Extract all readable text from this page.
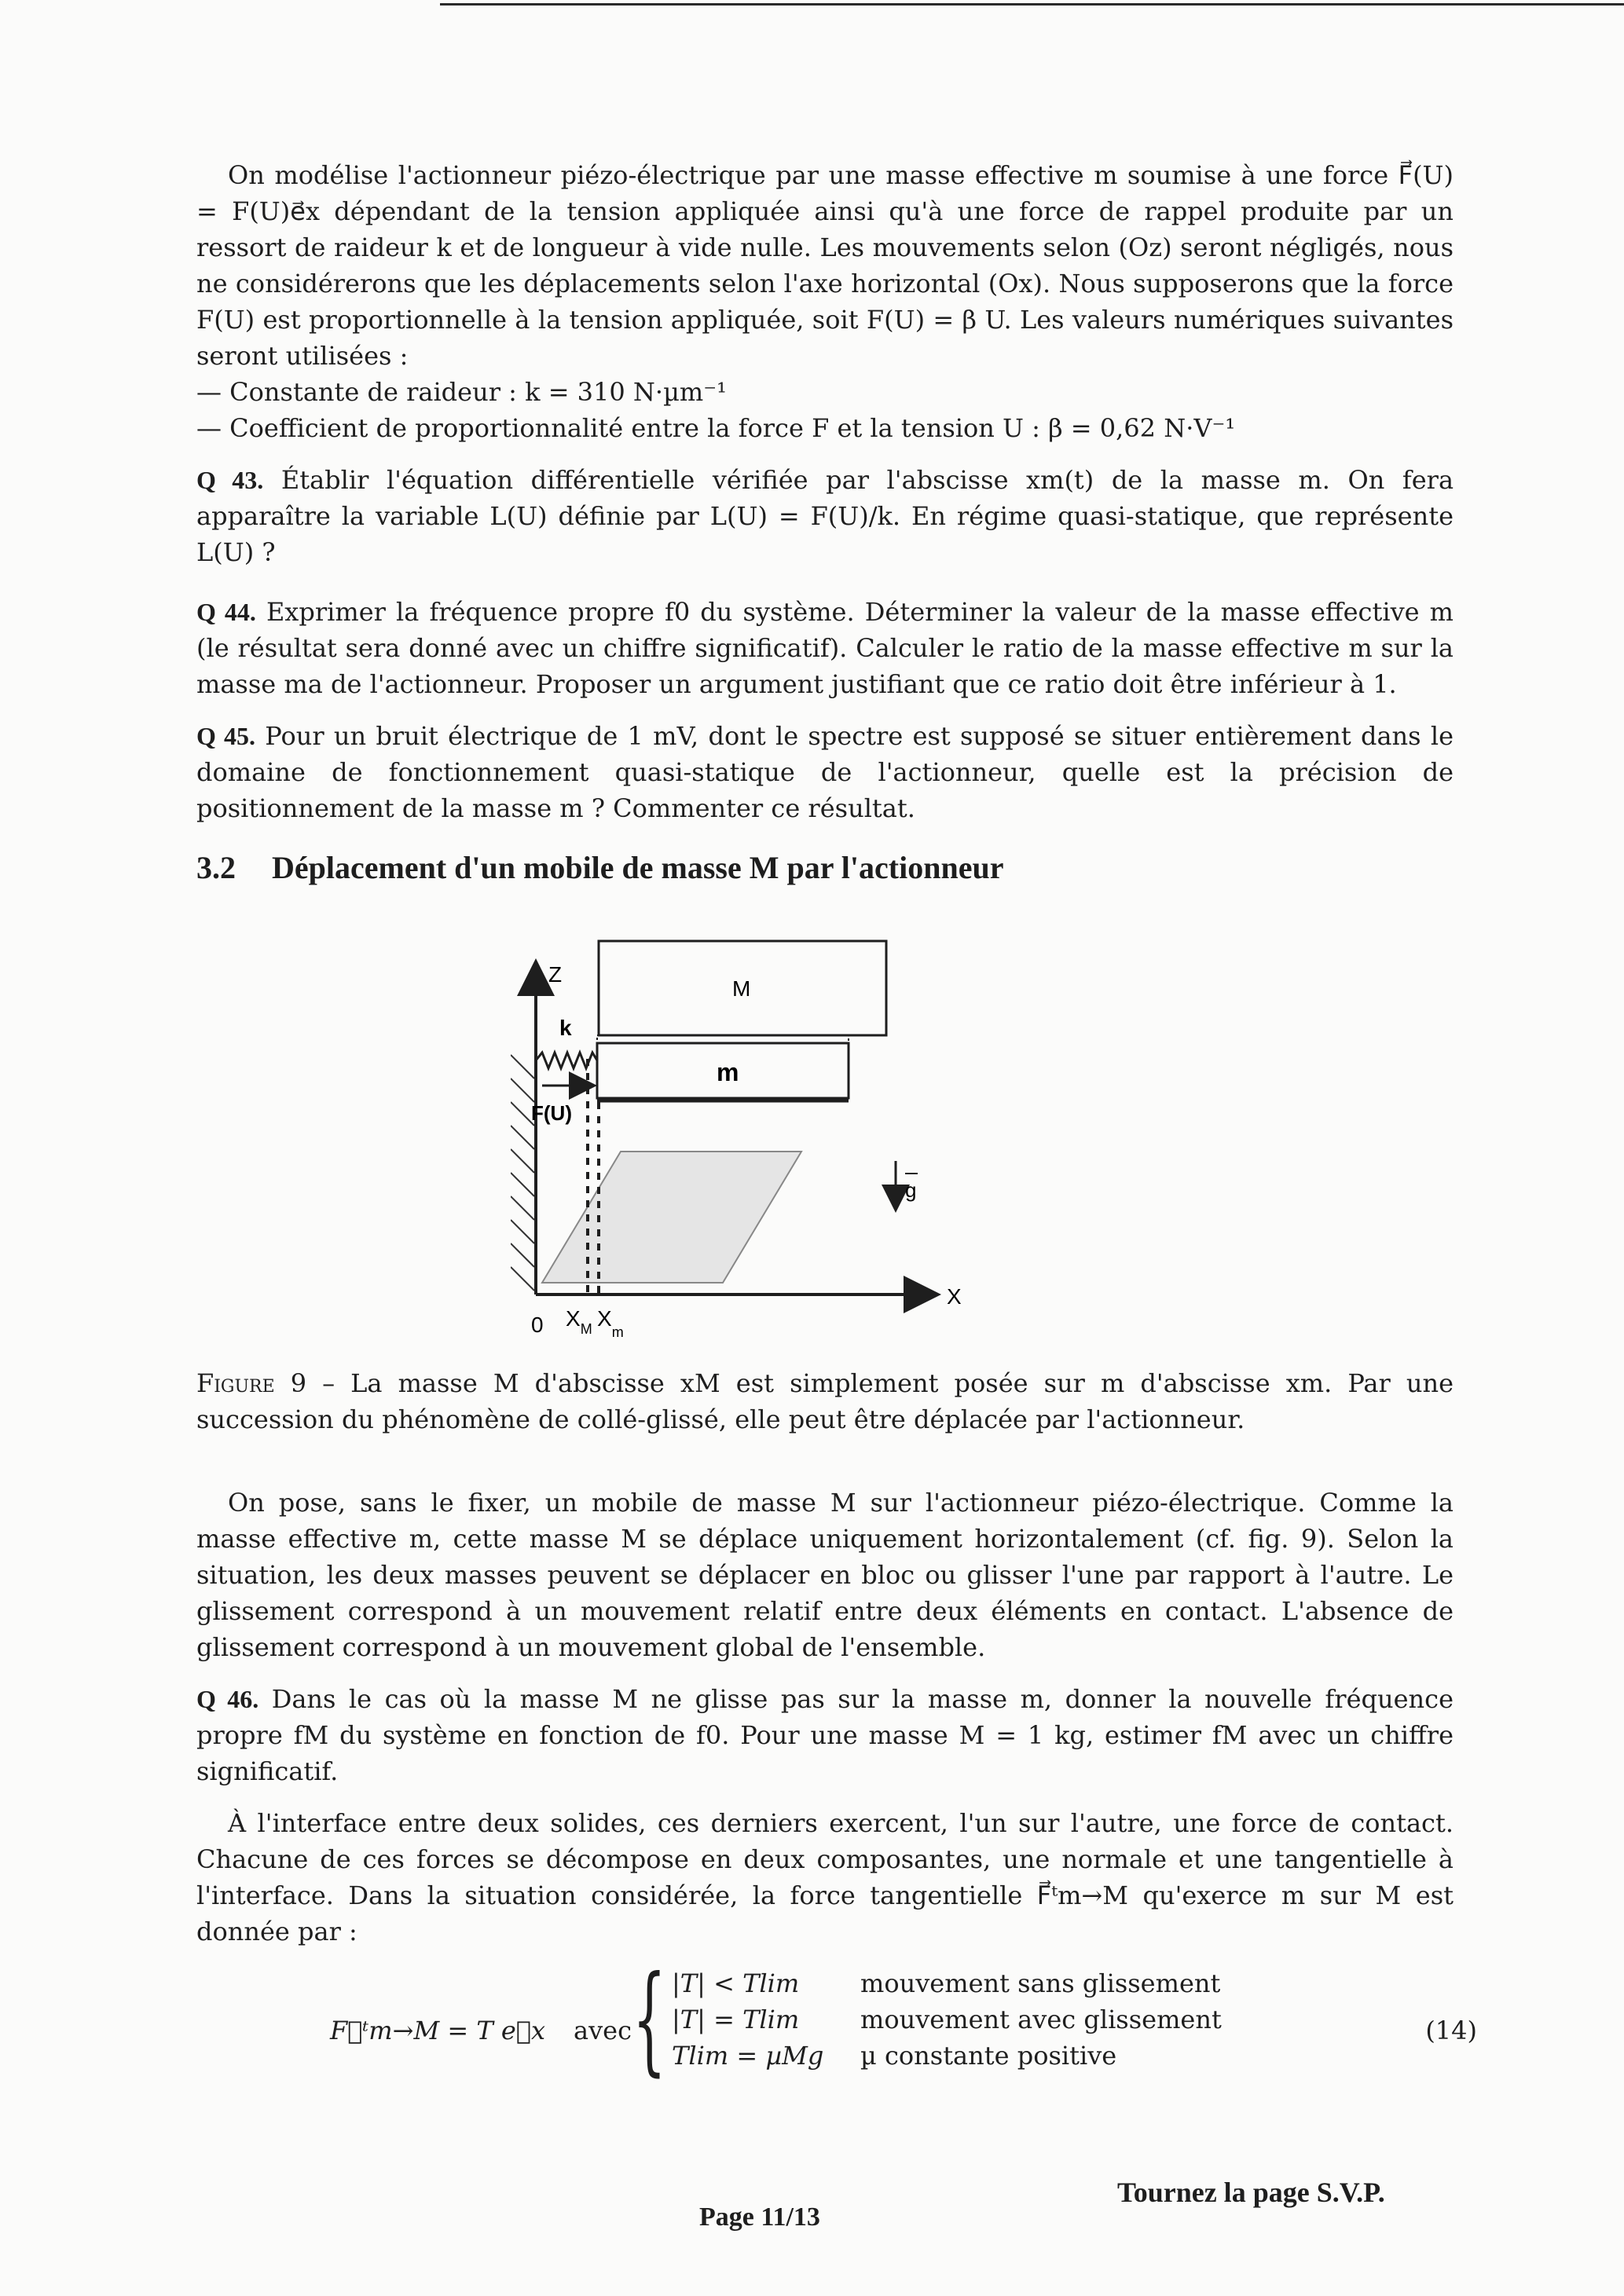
On modélise l'actionneur piézo-électrique par une masse effective m soumise à une force F⃗(U) = F(U)e⃗x dépendant de la tension appliquée ainsi qu'à une force de rappel produite par un ressort de raideur k et de longueur à vide nulle. Les mouvements selon (Oz) seront négligés, nous ne considérerons que les déplacements selon l'axe horizontal (Ox). Nous supposerons que la force F(U) est proportionnelle à la tension appliquée, soit F(U) = β U. Les valeurs numériques suivantes seront utilisées :

— Constante de raideur : k = 310 N·µm⁻¹

— Coefficient de proportionnalité entre la force F et la tension U : β = 0,62 N·V⁻¹

Q 43. Établir l'équation différentielle vérifiée par l'abscisse xm(t) de la masse m. On fera apparaître la variable L(U) définie par L(U) = F(U)/k. En régime quasi-statique, que représente L(U) ?

Q 44. Exprimer la fréquence propre f0 du système. Déterminer la valeur de la masse effective m (le résultat sera donné avec un chiffre significatif). Calculer le ratio de la masse effective m sur la masse ma de l'actionneur. Proposer un argument justifiant que ce ratio doit être inférieur à 1.

Q 45. Pour un bruit électrique de 1 mV, dont le spectre est supposé se situer entièrement dans le domaine de fonctionnement quasi-statique de l'actionneur, quelle est la précision de positionnement de la masse m ? Commenter ce résultat.

3.2 Déplacement d'un mobile de masse M par l'actionneur
Z
X
0
M
m
k
F(U)
$X_M$ $X_m$
g

Figure 9 – La masse M d'abscisse xM est simplement posée sur m d'abscisse xm. Par une succession du phénomène de collé-glissé, elle peut être déplacée par l'actionneur.

On pose, sans le fixer, un mobile de masse M sur l'actionneur piézo-électrique. Comme la masse effective m, cette masse M se déplace uniquement horizontalement (cf. fig. 9). Selon la situation, les deux masses peuvent se déplacer en bloc ou glisser l'une par rapport à l'autre. Le glissement correspond à un mouvement relatif entre deux éléments en contact. L'absence de glissement correspond à un mouvement global de l'ensemble.

Q 46. Dans le cas où la masse M ne glisse pas sur la masse m, donner la nouvelle fréquence propre fM du système en fonction de f0. Pour une masse M = 1 kg, estimer fM avec un chiffre significatif.

À l'interface entre deux solides, ces derniers exercent, l'un sur l'autre, une force de contact. Chacune de ces forces se décompose en deux composantes, une normale et une tangentielle à l'interface. Dans la situation considérée, la force tangentielle F⃗ᵗm→M qu'exerce m sur M est donnée par :

F⃗ᵗm→M = T e⃗x avec { |T| < Tlim mouvement sans glissement
|T| = Tlim mouvement avec glissement
Tlim = µMg µ constante positive
(14)
Tournez la page S.V.P.
Page 11/13
